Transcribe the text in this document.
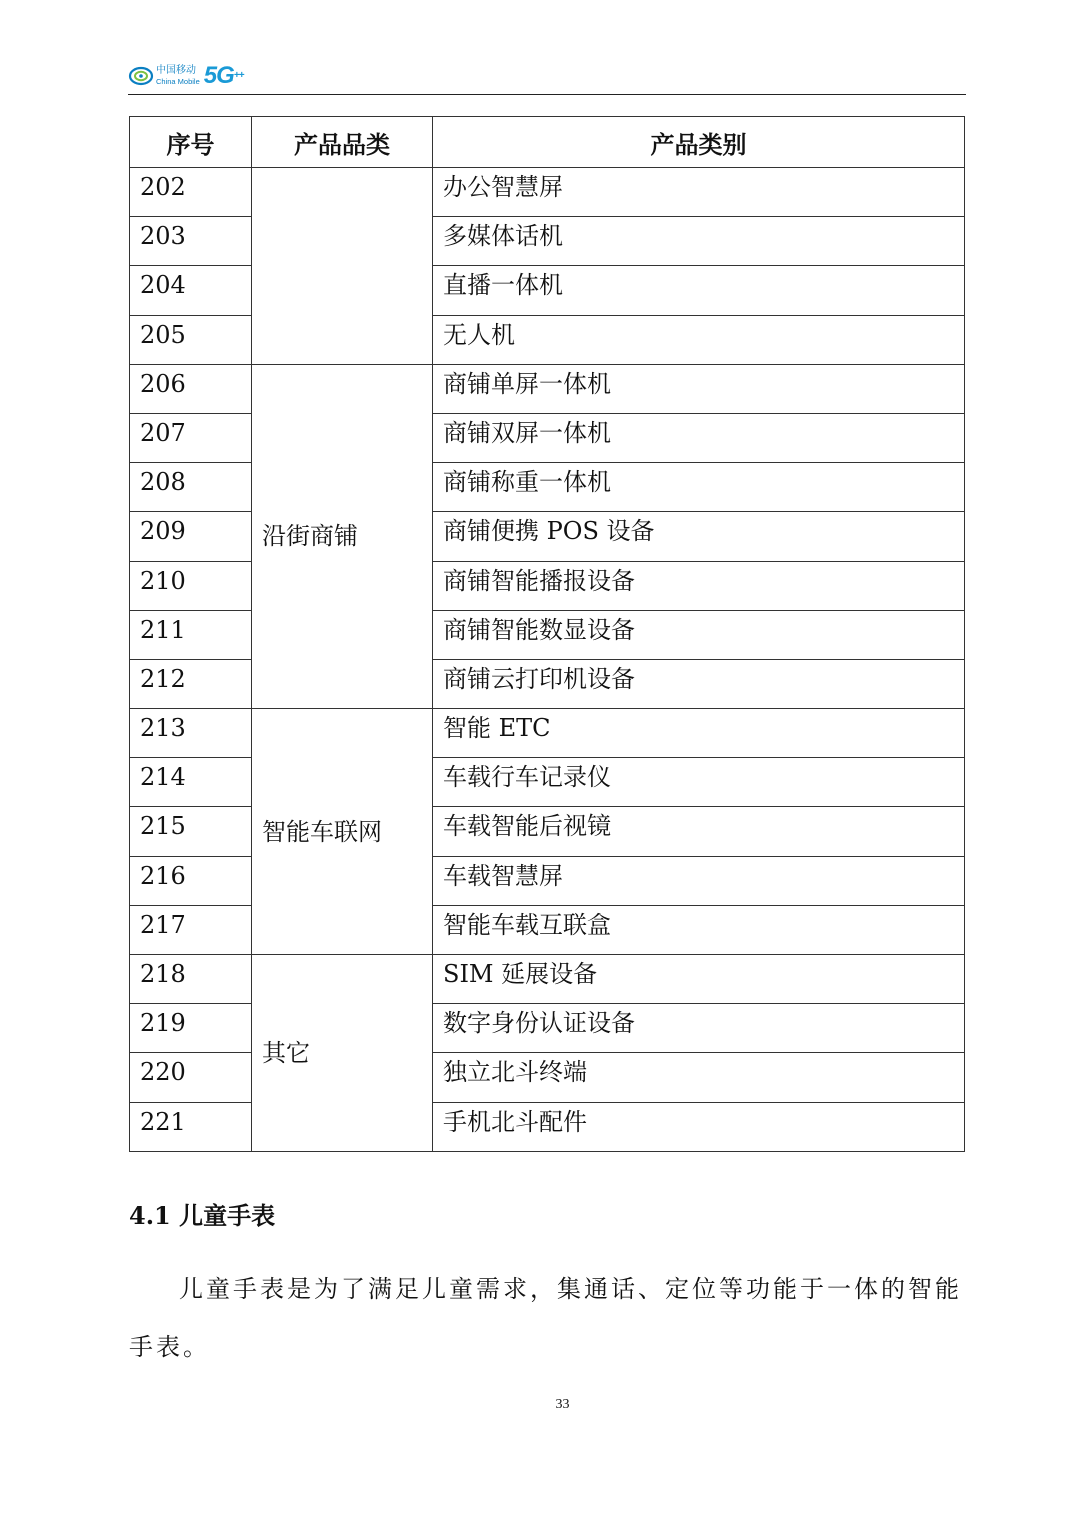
中国移动
China Mobile 5G++
序号	产品品类	产品类别
202		办公智慧屏
203		多媒体话机
204		直播一体机
205		无人机
206	沿街商铺	商铺单屏一体机
207		商铺双屏一体机
208		商铺称重一体机
209		商铺便携 POS 设备
210		商铺智能播报设备
211		商铺智能数显设备
212		商铺云打印机设备
213	智能车联网	智能 ETC
214		车载行车记录仪
215		车载智能后视镜
216		车载智慧屏
217		智能车载互联盒
218	其它	SIM 延展设备
219		数字身份认证设备
220		独立北斗终端
221		手机北斗配件
4.1 儿童手表
儿童手表是为了满足儿童需求，集通话、定位等功能于一体的智能手表。
33
